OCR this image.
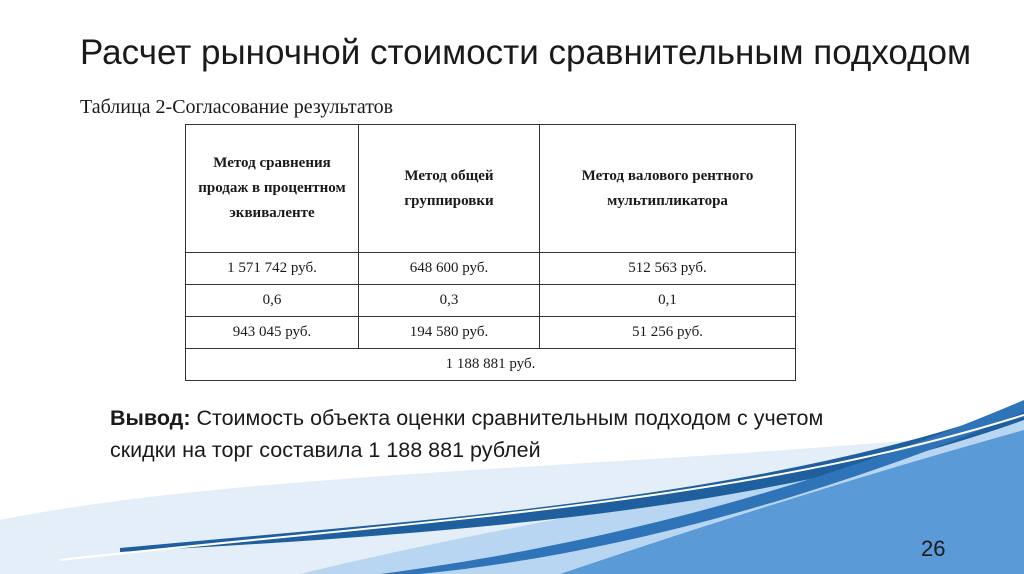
Расчет рыночной стоимости сравнительным подходом
Таблица 2-Согласование результатов
Метод сравнения продаж в процентном эквиваленте	Метод общей группировки	Метод валового рентного мультипликатора
1 571 742 руб.	648 600 руб.	512 563 руб.
0,6	0,3	0,1
943 045 руб.	194 580 руб.	51 256 руб.
1 188 881 руб.		
Вывод: Стоимость объекта оценки сравнительным подходом с учетом скидки на торг составила 1 188 881 рублей
26
